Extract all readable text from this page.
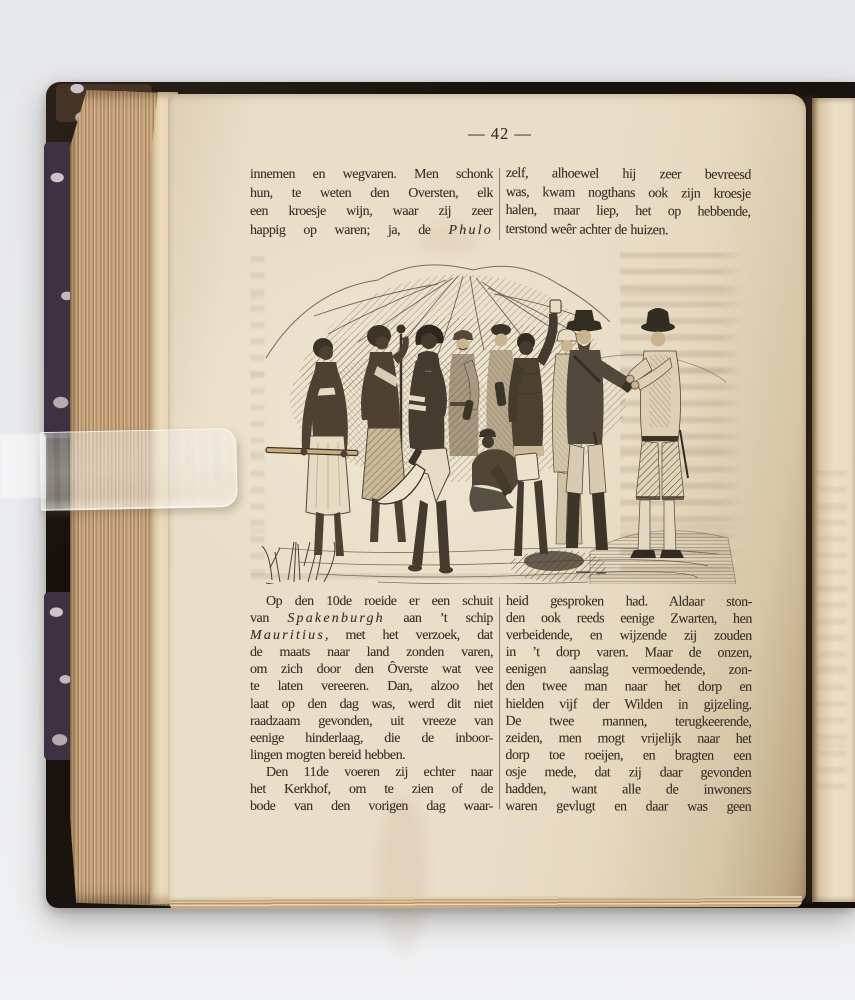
— 42 —
innemen en wegvaren. Men schonk
hun, te weten den Oversten, elk
een kroesje wijn, waar zij zeer
happig op waren; ja, de Phulo
zelf, alhoewel hij zeer bevreesd
was, kwam nogthans ook zijn kroesje
halen, maar liep, het op hebbende,
terstond weêr achter de huizen.
Op den 10de roeide er een schuit
van Spakenburgh aan ’t schip
Mauritius, met het verzoek, dat
de maats naar land zonden varen,
om zich door den Ôverste wat vee
te laten vereeren. Dan, alzoo het
laat op den dag was, werd dit niet
raadzaam gevonden, uit vreeze van
eenige hinderlaag, die de inboor-
lingen mogten bereid hebben.
Den 11de voeren zij echter naar
het Kerkhof, om te zien of de
bode van den vorigen dag waar-
heid gesproken had. Aldaar ston-
den ook reeds eenige Zwarten, hen
verbeidende, en wijzende zij zouden
in ’t dorp varen. Maar de onzen,
eenigen aanslag vermoedende, zon-
den twee man naar het dorp en
hielden vijf der Wilden in gijzeling.
De twee mannen, terugkeerende,
zeiden, men mogt vrijelijk naar het
dorp toe roeijen, en bragten een
osje mede, dat zij daar gevonden
hadden, want alle de inwoners
waren gevlugt en daar was geen
